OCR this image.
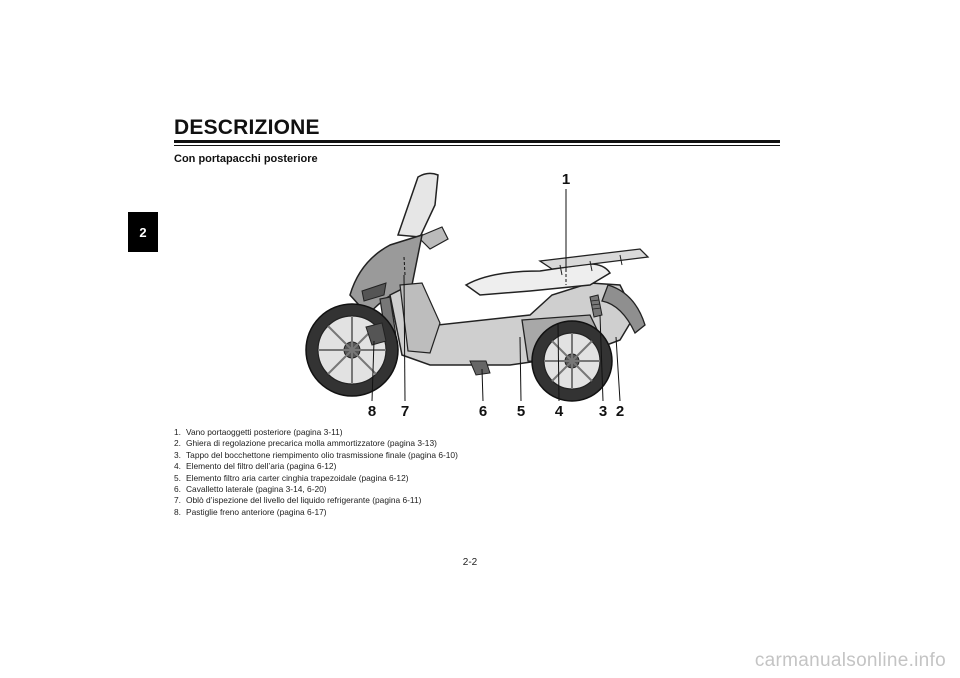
2
DESCRIZIONE
Con portapacchi posteriore
1
8 7	6 5 4 3 2
1. Vano portaoggetti posteriore (pagina 3-11)
2. Ghiera di regolazione precarica molla ammortizzatore (pagina 3-13)
3. Tappo del bocchettone riempimento olio trasmissione finale (pagina 6-10)
4. Elemento del filtro dell’aria (pagina 6-12)
5. Elemento filtro aria carter cinghia trapezoidale (pagina 6-12)
6. Cavalletto laterale (pagina 3-14, 6-20)
7. Oblò d’ispezione del livello del liquido refrigerante (pagina 6-11)
8. Pastiglie freno anteriore (pagina 6-17)
2-2
carmanualsonline.info
